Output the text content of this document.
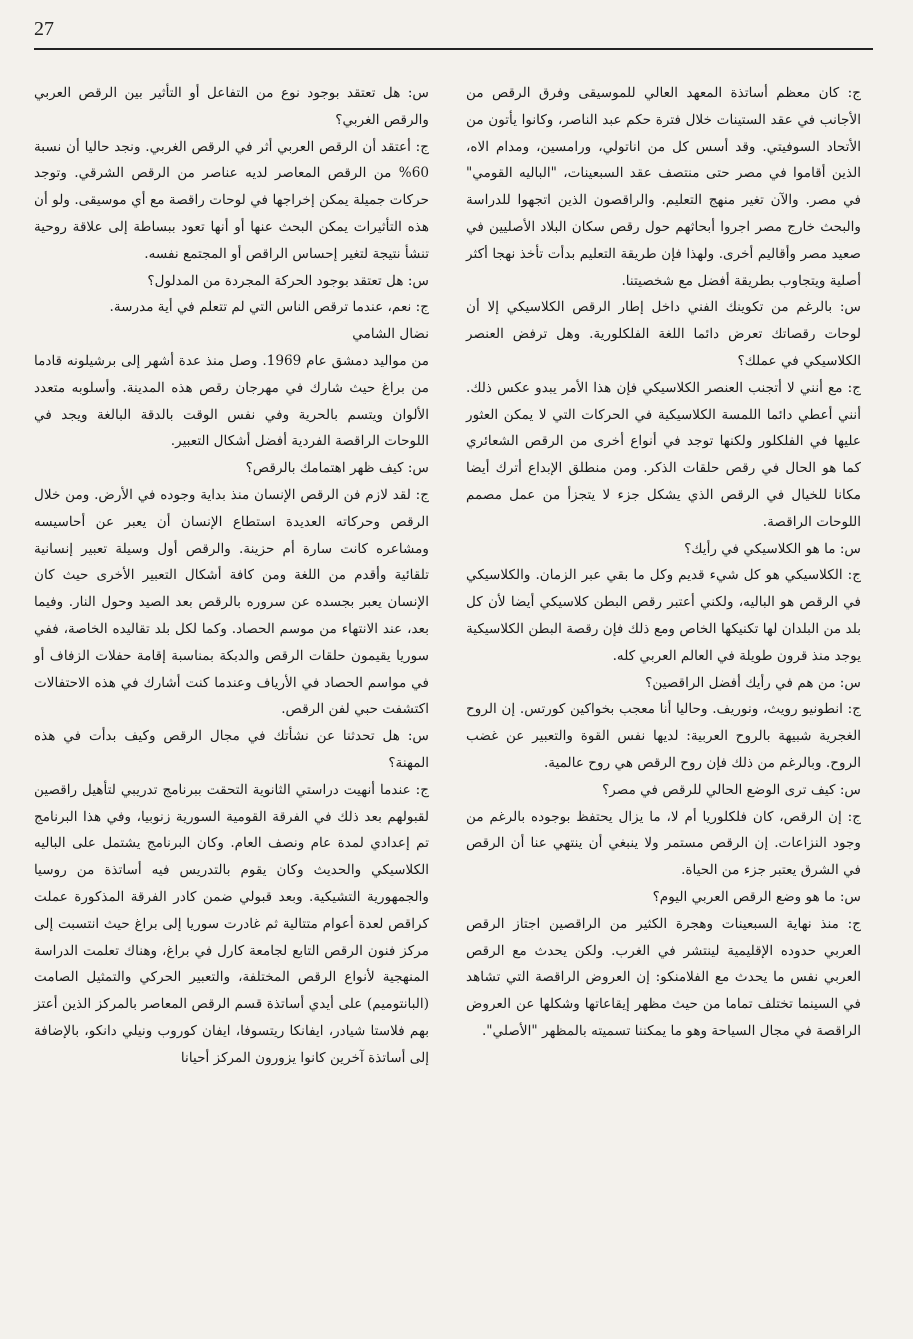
27

ج: كان معظم أساتذة المعهد العالي للموسيقى وفرق الرقص من الأجانب في عقد الستينات خلال فترة حكم عبد الناصر، وكانوا يأتون من الأتحاد السوفيتي. وقد أسس كل من اناتولي، ورامسين، ومدام الاه، الذين أقاموا في مصر حتى منتصف عقد السبعينات، "الباليه القومي" في مصر. والآن تغير منهج التعليم. والراقصون الذين اتجهوا للدراسة والبحث خارج مصر اجروا أبحاثهم حول رقص سكان البلاد الأصليين في صعيد مصر وأقاليم أخرى. ولهذا فإن طريقة التعليم بدأت تأخذ نهجا أكثر أصلية ويتجاوب بطريقة أفضل مع شخصيتنا.

س: بالرغم من تكوينك الفني داخل إطار الرقص الكلاسيكي إلا أن لوحات رقصاتك تعرض دائما اللغة الفلكلورية. وهل ترفض العنصر الكلاسيكي في عملك؟

ج: مع أنني لا أتجنب العنصر الكلاسيكي فإن هذا الأمر يبدو عكس ذلك. أنني أعطي دائما اللمسة الكلاسيكية في الحركات التي لا يمكن العثور عليها في الفلكلور ولكنها توجد في أنواع أخرى من الرقص الشعائري كما هو الحال في رقص حلقات الذكر. ومن منطلق الإبداع أترك أيضا مكانا للخيال في الرقص الذي يشكل جزء لا يتجزأ من عمل مصمم اللوحات الراقصة.

س: ما هو الكلاسيكي في رأيك؟

ج: الكلاسيكي هو كل شيء قديم وكل ما بقي عبر الزمان. والكلاسيكي في الرقص هو الباليه، ولكني أعتبر رقص البطن كلاسيكي أيضا لأن كل بلد من البلدان لها تكنيكها الخاص ومع ذلك فإن رقصة البطن الكلاسيكية يوجد منذ قرون طويلة في العالم العربي كله.

س: من هم في رأيك أفضل الراقصين؟

ج: انطونيو رويث، ونوريف. وحاليا أنا معجب بخواكين كورتس. إن الروح الغجرية شبيهة بالروح العربية: لديها نفس القوة والتعبير عن غضب الروح. وبالرغم من ذلك فإن روح الرقص هي روح عالمية.

س: كيف ترى الوضع الحالي للرقص في مصر؟

ج: إن الرقص، كان فلكلوريا أم لا، ما يزال يحتفظ بوجوده بالرغم من وجود النزاعات. إن الرقص مستمر ولا ينبغي أن ينتهي عنا أن الرقص في الشرق يعتبر جزء من الحياة.

س: ما هو وضع الرقص العربي اليوم؟

ج: منذ نهاية السبعينات وهجرة الكثير من الراقصين اجتاز الرقص العربي حدوده الإقليمية لينتشر في الغرب. ولكن يحدث مع الرقص العربي نفس ما يحدث مع الفلامنكو: إن العروض الراقصة التي تشاهد في السينما تختلف تماما من حيث مظهر إيقاعاتها وشكلها عن العروض الراقصة في مجال السياحة وهو ما يمكننا تسميته بالمظهر "الأصلي".

س: هل تعتقد بوجود نوع من التفاعل أو التأثير بين الرقص العربي والرقص الغربي؟

ج: أعتقد أن الرقص العربي أثر في الرقص الغربي. ونجد حاليا أن نسبة 60% من الرقص المعاصر لديه عناصر من الرقص الشرقي. وتوجد حركات جميلة يمكن إخراجها في لوحات راقصة مع أي موسيقى. ولو أن هذه التأثيرات يمكن البحث عنها أو أنها تعود ببساطة إلى علاقة روحية تنشأ نتيجة لتغير إحساس الراقص أو المجتمع نفسه.

س: هل تعتقد بوجود الحركة المجردة من المدلول؟

ج: نعم، عندما ترقص الناس التي لم تتعلم في أية مدرسة.

نضال الشامي

من مواليد دمشق عام 1969. وصل منذ عدة أشهر إلى برشيلونه قادما من براغ حيث شارك في مهرجان رقص هذه المدينة. وأسلوبه متعدد الألوان ويتسم بالحرية وفي نفس الوقت بالدقة البالغة ويجد في اللوحات الراقصة الفردية أفضل أشكال التعبير.

س: كيف ظهر اهتمامك بالرقص؟

ج: لقد لازم فن الرقص الإنسان منذ بداية وجوده في الأرض. ومن خلال الرقص وحركاته العديدة استطاع الإنسان أن يعبر عن أحاسيسه ومشاعره كانت سارة أم حزينة. والرقص أول وسيلة تعبير إنسانية تلقائية وأقدم من اللغة ومن كافة أشكال التعبير الأخرى حيث كان الإنسان يعبر بجسده عن سروره بالرقص بعد الصيد وحول النار. وفيما بعد، عند الانتهاء من موسم الحصاد. وكما لكل بلد تقاليده الخاصة، ففي سوريا يقيمون حلقات الرقص والدبكة بمناسبة إقامة حفلات الزفاف أو في مواسم الحصاد في الأرياف وعندما كنت أشارك في هذه الاحتفالات اكتشفت حبي لفن الرقص.

س: هل تحدثنا عن نشأتك في مجال الرقص وكيف بدأت في هذه المهنة؟

ج: عندما أنهيت دراستي الثانوية التحقت ببرنامج تدريبي لتأهيل راقصين لقبولهم بعد ذلك في الفرقة القومية السورية زنوبيا، وفي هذا البرنامج تم إعدادي لمدة عام ونصف العام. وكان البرنامج يشتمل على الباليه الكلاسيكي والحديث وكان يقوم بالتدريس فيه أساتذة من روسيا والجمهورية التشيكية. وبعد قبولي ضمن كادر الفرقة المذكورة عملت كراقص لعدة أعوام متتالية ثم غادرت سوريا إلى براغ حيث انتسبت إلى مركز فنون الرقص التابع لجامعة كارل في براغ، وهناك تعلمت الدراسة المنهجية لأنواع الرقص المختلفة، والتعبير الحركي والتمثيل الصامت (البانتوميم) على أيدي أساتذة قسم الرقص المعاصر بالمركز الذين أعتز بهم فلاستا شيادر، ايفانكا ريتسوفا، ايفان كوروب ونيلي دانكو، بالإضافة إلى أساتذة آخرين كانوا يزورون المركز أحيانا
